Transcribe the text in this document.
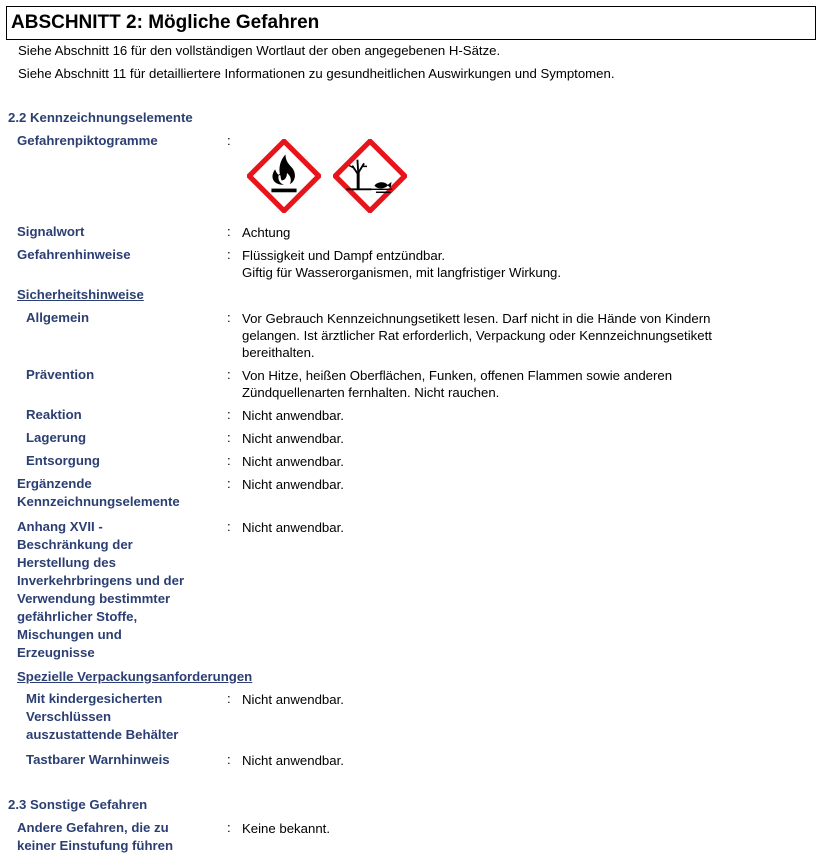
ABSCHNITT 2: Mögliche Gefahren
Siehe Abschnitt 16 für den vollständigen Wortlaut der oben angegebenen H-Sätze.
Siehe Abschnitt 11 für detailliertere Informationen zu gesundheitlichen Auswirkungen und Symptomen.
2.2 Kennzeichnungselemente
Gefahrenpiktogramme	:
Signalwort	: Achtung
Gefahrenhinweise	: Flüssigkeit und Dampf entzündbar.
Giftig für Wasserorganismen, mit langfristiger Wirkung.
Sicherheitshinweise
Allgemein	: Vor Gebrauch Kennzeichnungsetikett lesen. Darf nicht in die Hände von Kindern
gelangen. Ist ärztlicher Rat erforderlich, Verpackung oder Kennzeichnungsetikett
bereithalten.
Prävention	: Von Hitze, heißen Oberflächen, Funken, offenen Flammen sowie anderen
Zündquellenarten fernhalten. Nicht rauchen.
Reaktion	: Nicht anwendbar.
Lagerung	: Nicht anwendbar.
Entsorgung	: Nicht anwendbar.
Ergänzende
Kennzeichnungselemente
: Nicht anwendbar.
Anhang XVII -
Beschränkung der
Herstellung des
Inverkehrbringens und der
Verwendung bestimmter
gefährlicher Stoffe,
Mischungen und
Erzeugnisse
: Nicht anwendbar.
Spezielle Verpackungsanforderungen
Mit kindergesicherten
Verschlüssen
auszustattende Behälter
: Nicht anwendbar.
Tastbarer Warnhinweis	: Nicht anwendbar.
2.3 Sonstige Gefahren
Andere Gefahren, die zu
keiner Einstufung führen
: Keine bekannt.
